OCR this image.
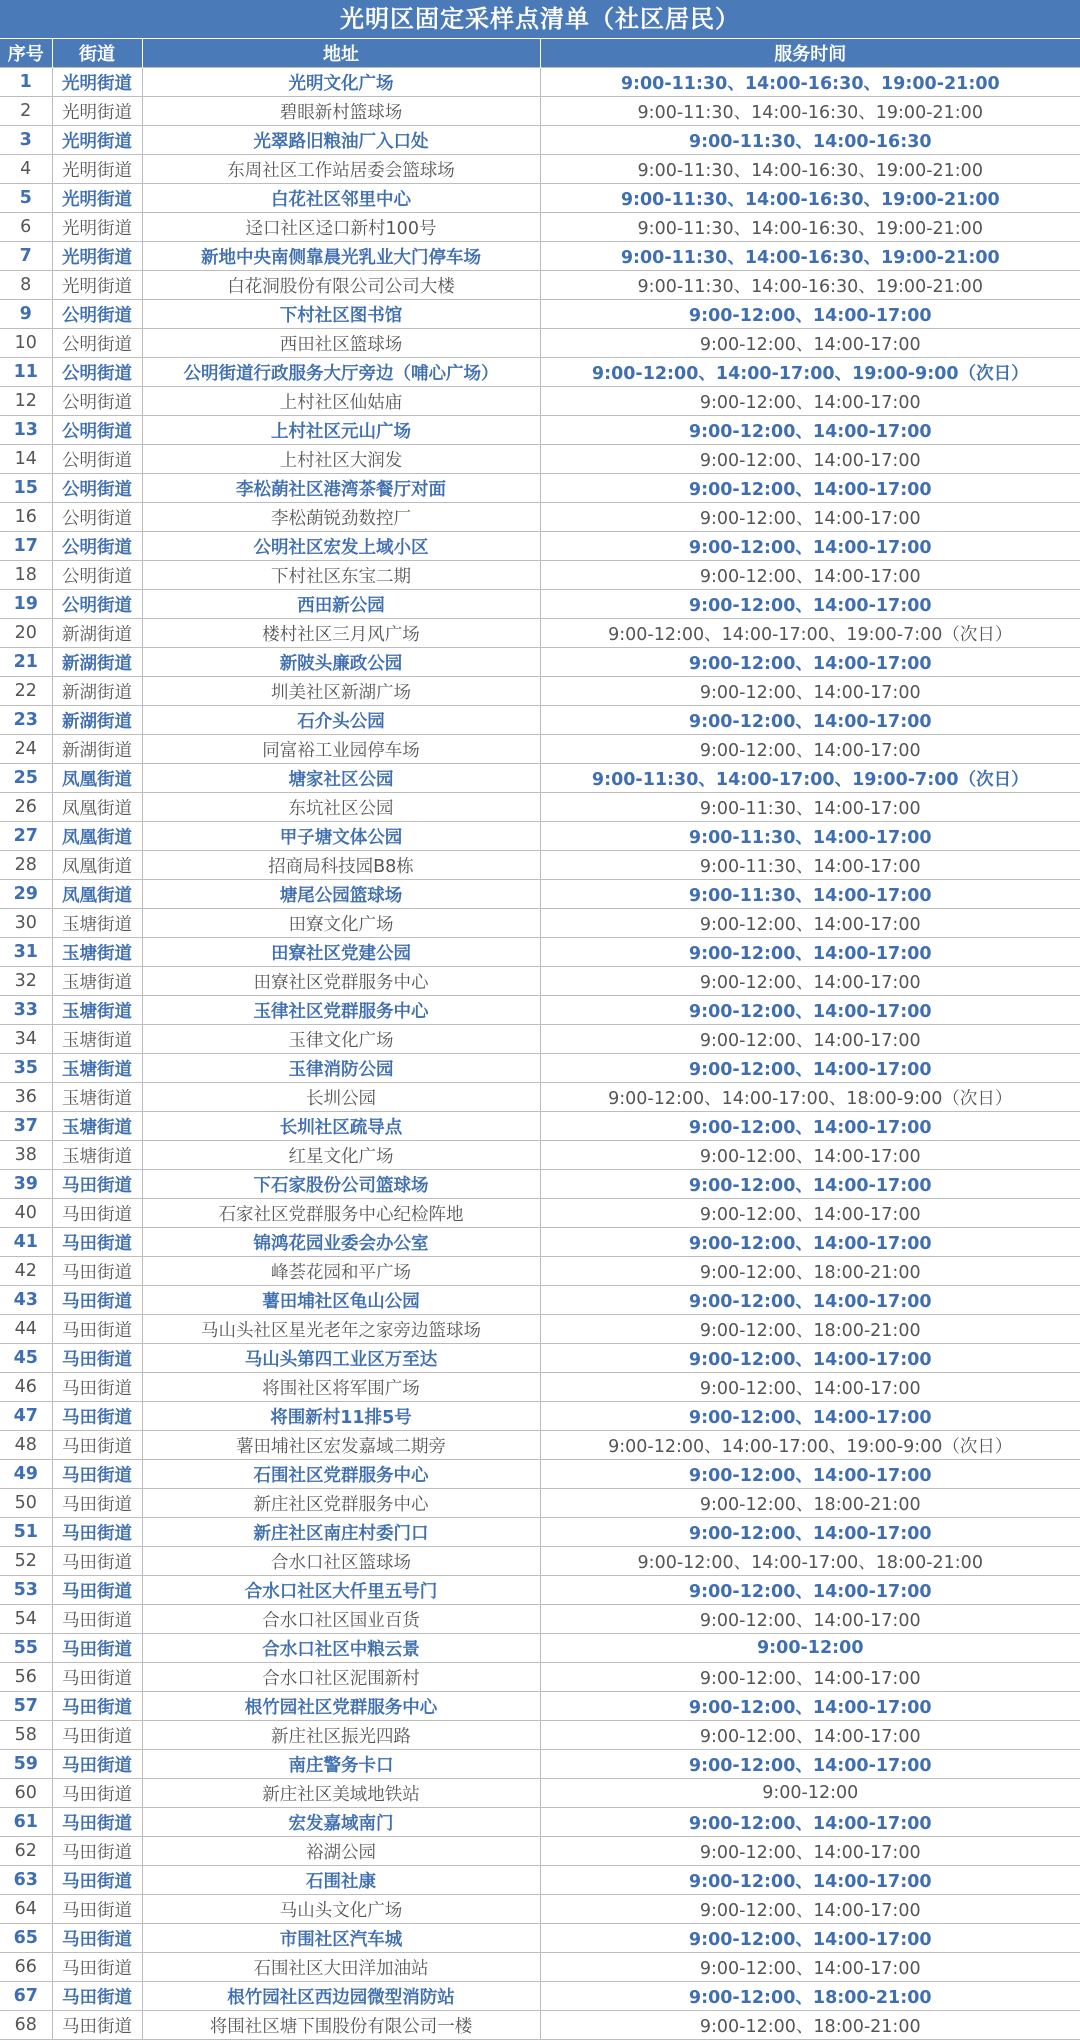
光明区固定采样点清单（社区居民）
序号	街道	地址	服务时间
1	光明街道	光明文化广场	9:00-11:30、14:00-16:30、19:00-21:00
2	光明街道	碧眼新村篮球场	9:00-11:30、14:00-16:30、19:00-21:00
3	光明街道	光翠路旧粮油厂入口处	9:00-11:30、14:00-16:30
4	光明街道	东周社区工作站居委会篮球场	9:00-11:30、14:00-16:30、19:00-21:00
5	光明街道	白花社区邻里中心	9:00-11:30、14:00-16:30、19:00-21:00
6	光明街道	迳口社区迳口新村100号	9:00-11:30、14:00-16:30、19:00-21:00
7	光明街道	新地中央南侧靠晨光乳业大门停车场	9:00-11:30、14:00-16:30、19:00-21:00
8	光明街道	白花洞股份有限公司公司大楼	9:00-11:30、14:00-16:30、19:00-21:00
9	公明街道	下村社区图书馆	9:00-12:00、14:00-17:00
10	公明街道	西田社区篮球场	9:00-12:00、14:00-17:00
11	公明街道	公明街道行政服务大厅旁边（哺心广场）	9:00-12:00、14:00-17:00、19:00-9:00（次日）
12	公明街道	上村社区仙姑庙	9:00-12:00、14:00-17:00
13	公明街道	上村社区元山广场	9:00-12:00、14:00-17:00
14	公明街道	上村社区大润发	9:00-12:00、14:00-17:00
15	公明街道	李松蓢社区港湾茶餐厅对面	9:00-12:00、14:00-17:00
16	公明街道	李松蓢锐劲数控厂	9:00-12:00、14:00-17:00
17	公明街道	公明社区宏发上域小区	9:00-12:00、14:00-17:00
18	公明街道	下村社区东宝二期	9:00-12:00、14:00-17:00
19	公明街道	西田新公园	9:00-12:00、14:00-17:00
20	新湖街道	楼村社区三月风广场	9:00-12:00、14:00-17:00、19:00-7:00（次日）
21	新湖街道	新陂头廉政公园	9:00-12:00、14:00-17:00
22	新湖街道	圳美社区新湖广场	9:00-12:00、14:00-17:00
23	新湖街道	石介头公园	9:00-12:00、14:00-17:00
24	新湖街道	同富裕工业园停车场	9:00-12:00、14:00-17:00
25	凤凰街道	塘家社区公园	9:00-11:30、14:00-17:00、19:00-7:00（次日）
26	凤凰街道	东坑社区公园	9:00-11:30、14:00-17:00
27	凤凰街道	甲子塘文体公园	9:00-11:30、14:00-17:00
28	凤凰街道	招商局科技园B8栋	9:00-11:30、14:00-17:00
29	凤凰街道	塘尾公园篮球场	9:00-11:30、14:00-17:00
30	玉塘街道	田寮文化广场	9:00-12:00、14:00-17:00
31	玉塘街道	田寮社区党建公园	9:00-12:00、14:00-17:00
32	玉塘街道	田寮社区党群服务中心	9:00-12:00、14:00-17:00
33	玉塘街道	玉律社区党群服务中心	9:00-12:00、14:00-17:00
34	玉塘街道	玉律文化广场	9:00-12:00、14:00-17:00
35	玉塘街道	玉律消防公园	9:00-12:00、14:00-17:00
36	玉塘街道	长圳公园	9:00-12:00、14:00-17:00、18:00-9:00（次日）
37	玉塘街道	长圳社区疏导点	9:00-12:00、14:00-17:00
38	玉塘街道	红星文化广场	9:00-12:00、14:00-17:00
39	马田街道	下石家股份公司篮球场	9:00-12:00、14:00-17:00
40	马田街道	石家社区党群服务中心纪检阵地	9:00-12:00、14:00-17:00
41	马田街道	锦鸿花园业委会办公室	9:00-12:00、14:00-17:00
42	马田街道	峰荟花园和平广场	9:00-12:00、18:00-21:00
43	马田街道	薯田埔社区龟山公园	9:00-12:00、14:00-17:00
44	马田街道	马山头社区星光老年之家旁边篮球场	9:00-12:00、18:00-21:00
45	马田街道	马山头第四工业区万至达	9:00-12:00、14:00-17:00
46	马田街道	将围社区将军围广场	9:00-12:00、14:00-17:00
47	马田街道	将围新村11排5号	9:00-12:00、14:00-17:00
48	马田街道	薯田埔社区宏发嘉域二期旁	9:00-12:00、14:00-17:00、19:00-9:00（次日）
49	马田街道	石围社区党群服务中心	9:00-12:00、14:00-17:00
50	马田街道	新庄社区党群服务中心	9:00-12:00、18:00-21:00
51	马田街道	新庄社区南庄村委门口	9:00-12:00、14:00-17:00
52	马田街道	合水口社区篮球场	9:00-12:00、14:00-17:00、18:00-21:00
53	马田街道	合水口社区大仟里五号门	9:00-12:00、14:00-17:00
54	马田街道	合水口社区国业百货	9:00-12:00、14:00-17:00
55	马田街道	合水口社区中粮云景	9:00-12:00
56	马田街道	合水口社区泥围新村	9:00-12:00、14:00-17:00
57	马田街道	根竹园社区党群服务中心	9:00-12:00、14:00-17:00
58	马田街道	新庄社区振光四路	9:00-12:00、14:00-17:00
59	马田街道	南庄警务卡口	9:00-12:00、14:00-17:00
60	马田街道	新庄社区美域地铁站	9:00-12:00
61	马田街道	宏发嘉域南门	9:00-12:00、14:00-17:00
62	马田街道	裕湖公园	9:00-12:00、14:00-17:00
63	马田街道	石围社康	9:00-12:00、14:00-17:00
64	马田街道	马山头文化广场	9:00-12:00、14:00-17:00
65	马田街道	市围社区汽车城	9:00-12:00、14:00-17:00
66	马田街道	石围社区大田洋加油站	9:00-12:00、14:00-17:00
67	马田街道	根竹园社区西边园微型消防站	9:00-12:00、18:00-21:00
68	马田街道	将围社区塘下围股份有限公司一楼	9:00-12:00、18:00-21:00
